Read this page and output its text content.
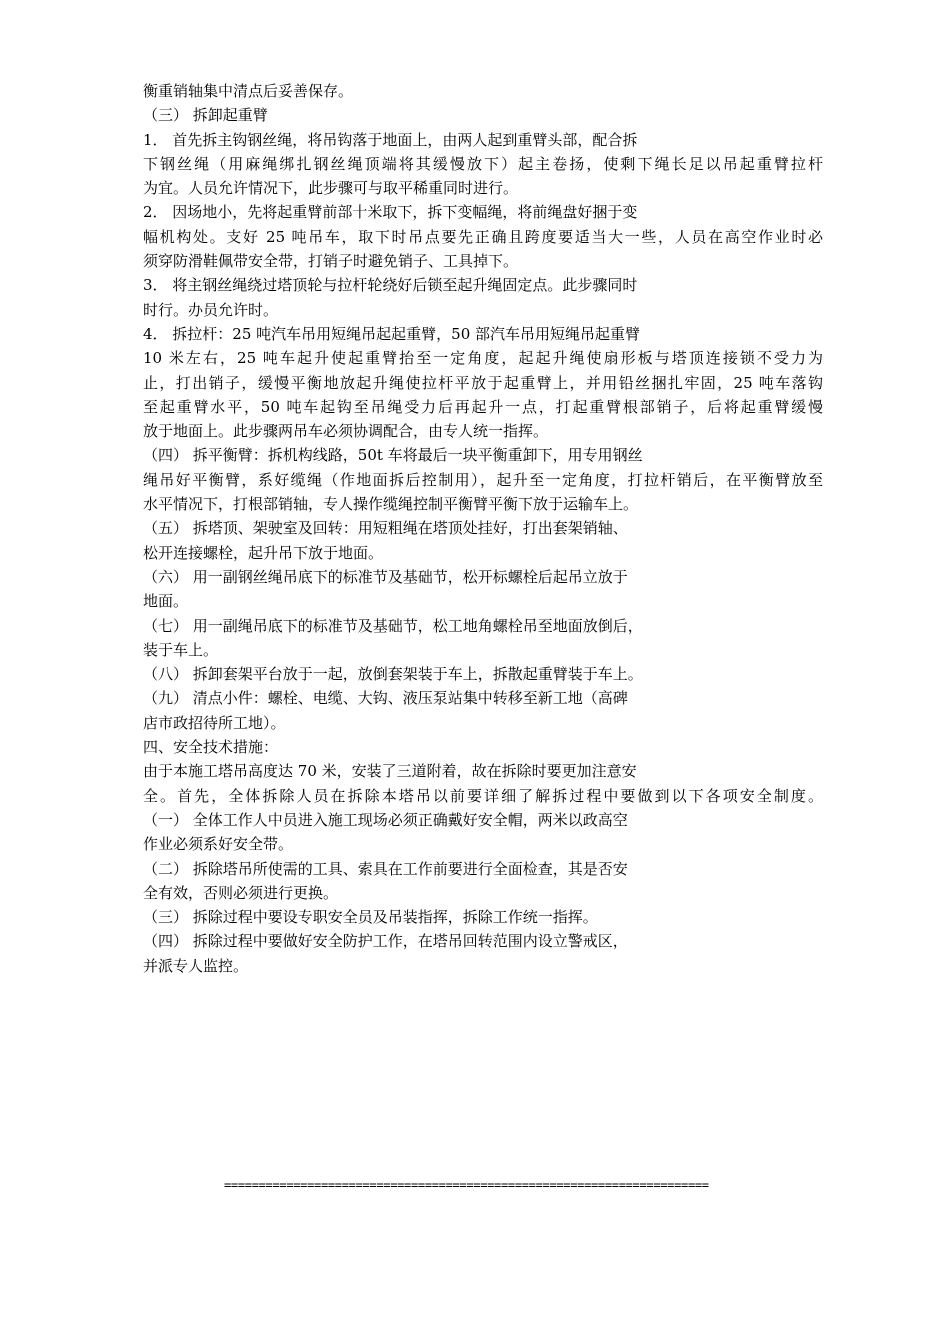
衡重销轴集中清点后妥善保存。
（三） 拆卸起重臂
1． 首先拆主钩钢丝绳，将吊钩落于地面上，由两人起到重臂头部，配合拆
下钢丝绳（用麻绳绑扎钢丝绳顶端将其缓慢放下）起主卷扬，使剩下绳长足以吊起重臂拉杆
为宜。人员允许情况下，此步骤可与取平稀重同时进行。
2． 因场地小，先将起重臂前部十米取下，拆下变幅绳，将前绳盘好捆于变
幅机构处。支好 25 吨吊车，取下时吊点要先正确且跨度要适当大一些，人员在高空作业时必
须穿防滑鞋佩带安全带，打销子时避免销子、工具掉下。
3． 将主钢丝绳绕过塔顶轮与拉杆轮绕好后锁至起升绳固定点。此步骤同时
时行。办员允许时。
4． 拆拉杆：25 吨汽车吊用短绳吊起起重臂，50 部汽车吊用短绳吊起重臂
10 米左右，25 吨车起升使起重臂抬至一定角度，起起升绳使扇形板与塔顶连接锁不受力为
止，打出销子，缓慢平衡地放起升绳使拉杆平放于起重臂上，并用铅丝捆扎牢固，25 吨车落钩
至起重臂水平，50 吨车起钩至吊绳受力后再起升一点，打起重臂根部销子，后将起重臂缓慢
放于地面上。此步骤两吊车必须协调配合，由专人统一指挥。
（四） 拆平衡臂：拆机构线路，50t 车将最后一块平衡重卸下，用专用钢丝
绳吊好平衡臂，系好缆绳（作地面拆后控制用），起升至一定角度，打拉杆销后，在平衡臂放至
水平情况下，打根部销轴，专人操作缆绳控制平衡臂平衡下放于运输车上。
（五） 拆塔顶、架驶室及回转：用短粗绳在塔顶处挂好，打出套架销轴、
松开连接螺栓，起升吊下放于地面。
（六） 用一副钢丝绳吊底下的标准节及基础节，松开标螺栓后起吊立放于
地面。
（七） 用一副绳吊底下的标准节及基础节，松工地角螺栓吊至地面放倒后，
装于车上。
（八） 拆卸套架平台放于一起，放倒套架装于车上，拆散起重臂装于车上。
（九） 清点小件：螺栓、电缆、大钩、液压泵站集中转移至新工地（高碑
店市政招待所工地）。
四、安全技术措施：
由于本施工塔吊高度达 70 米，安装了三道附着，故在拆除时要更加注意安
全。首先，全体拆除人员在拆除本塔吊以前要详细了解拆过程中要做到以下各项安全制度。
（一） 全体工作人中员进入施工现场必须正确戴好安全帽，两米以政高空
作业必须系好安全带。
（二） 拆除塔吊所使需的工具、索具在工作前要进行全面检查，其是否安
全有效，否则必须进行更换。
（三） 拆除过程中要设专职安全员及吊装指挥，拆除工作统一指挥。
（四） 拆除过程中要做好安全防护工作，在塔吊回转范围内设立警戒区，
并派专人监控。
======================================================================
